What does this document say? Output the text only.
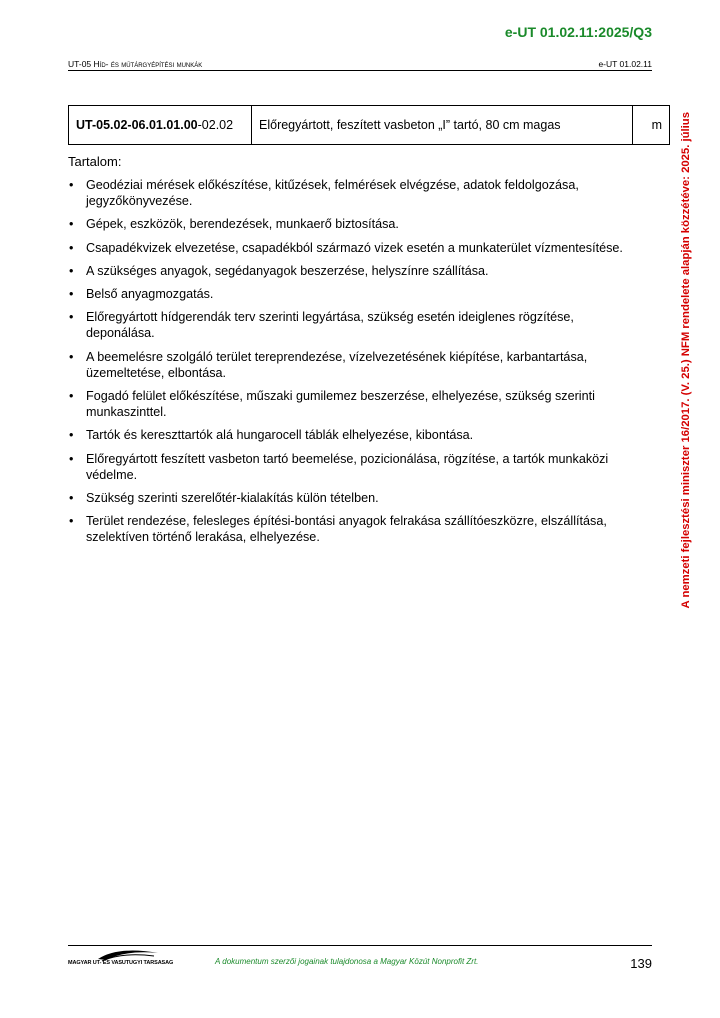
e-UT 01.02.11:2025/Q3
UT-05 Híd- és műtárgyépítési munkák	e-UT 01.02.11
UT-05.02-06.01.01.00-02.02	Előregyártott, feszített vasbeton „I” tartó, 80 cm magas	m
Tartalom:
• Geodéziai mérések előkészítése, kitűzések, felmérések elvégzése, adatok feldolgozása, jegyzőkönyvezése.
• Gépek, eszközök, berendezések, munkaerő biztosítása.
• Csapadékvizek elvezetése, csapadékból származó vizek esetén a munkaterület vízmentesítése.
• A szükséges anyagok, segédanyagok beszerzése, helyszínre szállítása.
• Belső anyagmozgatás.
• Előregyártott hídgerendák terv szerinti legyártása, szükség esetén ideiglenes rögzítése, deponálása.
• A beemelésre szolgáló terület tereprendezése, vízelvezetésének kiépítése, karbantartása, üzemeltetése, elbontása.
• Fogadó felület előkészítése, műszaki gumilemez beszerzése, elhelyezése, szükség szerinti munkaszinttel.
• Tartók és kereszttartók alá hungarocell táblák elhelyezése, kibontása.
• Előregyártott feszített vasbeton tartó beemelése, pozicionálása, rögzítése, a tartók munkaközi védelme.
• Szükség szerinti szerelőtér-kialakítás külön tételben.
• Terület rendezése, felesleges építési-bontási anyagok felrakása szállítóeszközre, elszállítása, szelektíven történő lerakása, elhelyezése.	A nemzeti fejlesztési miniszter 16/2017. (V. 25.) NFM rendelete alapján közzétéve: 2025. július
MAGYAR UT- ES VASUTUGYI TARSASAG	A dokumentum szerzői jogainak tulajdonosa a Magyar Közút Nonprofit Zrt.	139
